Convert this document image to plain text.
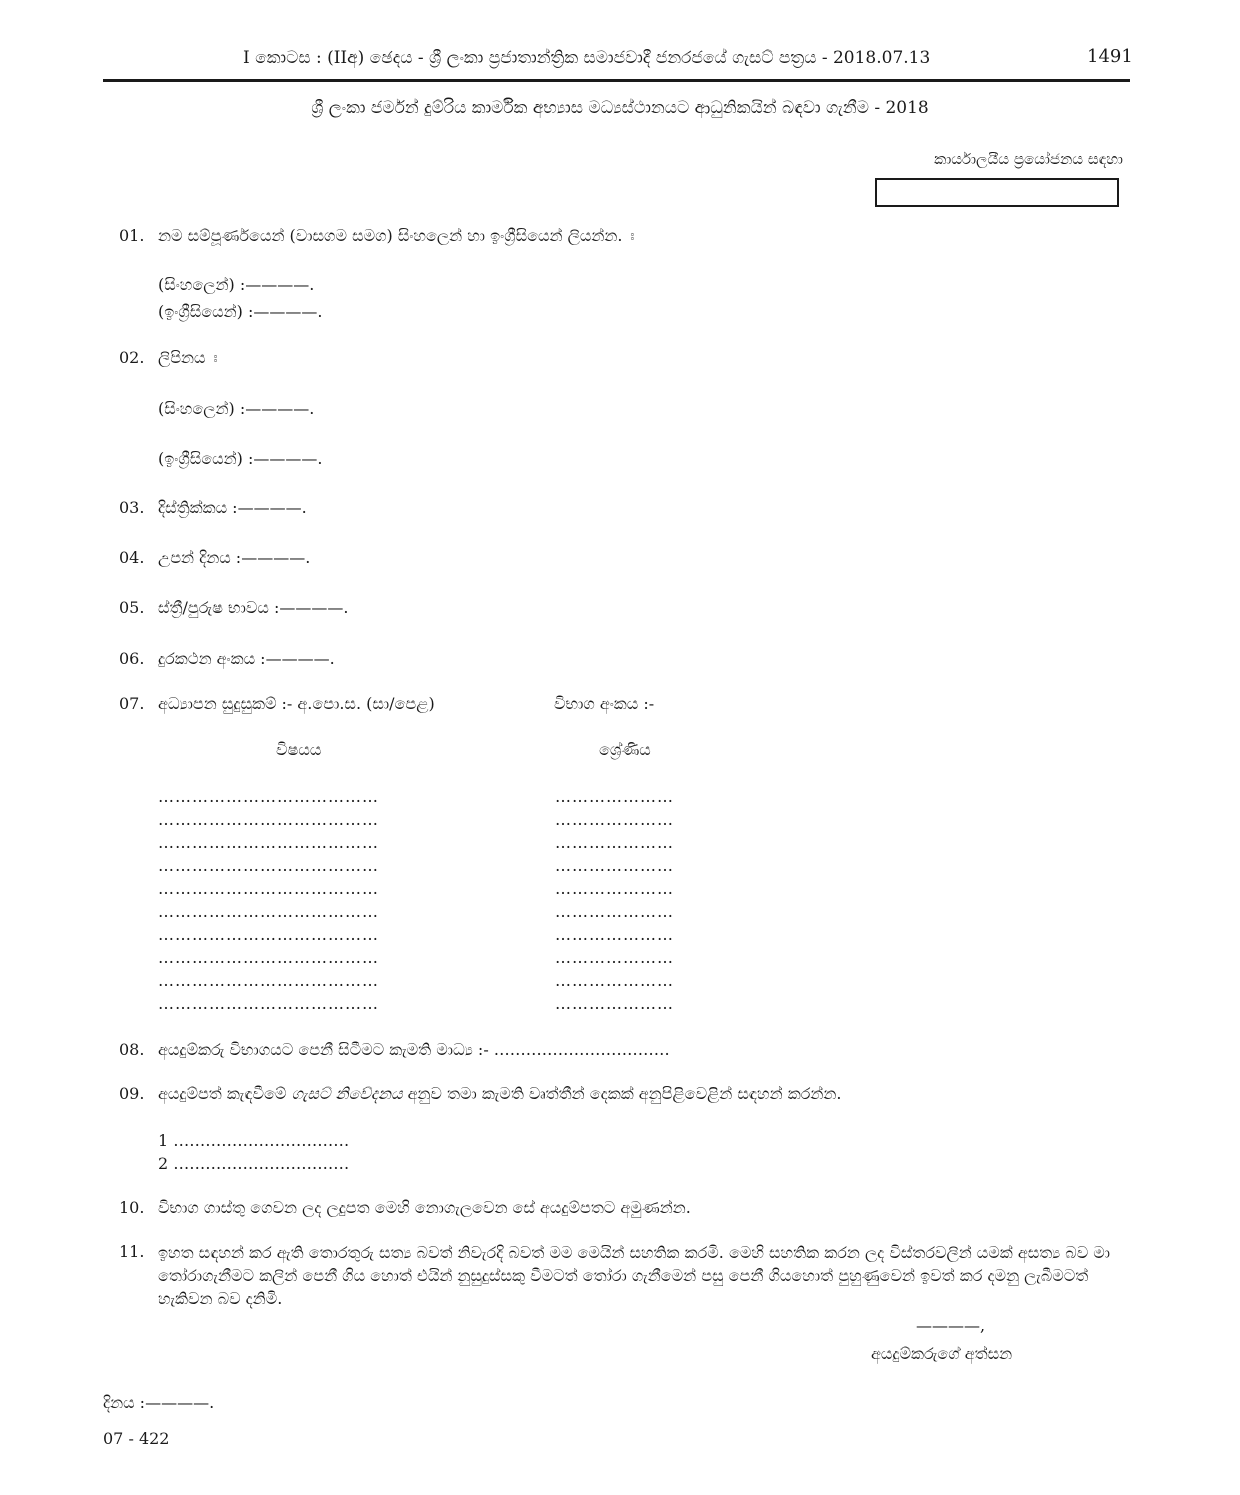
I කොටස : (IIඅ) ඡෙදය - ශ්‍රී ලංකා ප්‍රජාතාන්ත්‍රික සමාජවාදී ජනරජයේ ගැසට් පත්‍රය - 2018.07.13	1491
ශ්‍රී ලංකා ජර්මන් දුම්රිය කාර්මික අභ්‍යාස මධ්‍යස්ථානයට ආධුනිකයින් බඳවා ගැනීම - 2018
කාර්යාලයීය ප්‍රයෝජනය සඳහා
01. නම සම්පූර්ණයෙන් (වාසගම සමග) සිංහලෙන් හා ඉංග්‍රීසියෙන් ලියන්න. ‍ඃ
(සිංහලෙන්) :————.
(ඉංග්‍රීසියෙන්) :————.
02. ලිපිනය ඃ
(සිංහලෙන්) :————.
(ඉංග්‍රීසියෙන්) :————.
03. දිස්ත්‍රික්කය :————.
04. උපන් දිනය :————.
05. ස්ත්‍රී/පුරුෂ භාවය :————.
06. දුරකථන අංකය :————.
07. අධ්‍යාපන සුදුසුකම් :- අ.පො.ස. (සා/පෙළ)	විභාග අංකය :-
විෂයය	ශ්‍රේණිය
…………………………………	…………………
…………………………………	…………………
…………………………………	…………………
…………………………………	…………………
…………………………………	…………………
…………………………………	…………………
…………………………………	…………………
…………………………………	…………………
…………………………………	…………………
…………………………………	…………………
08. අයදුම්කරු විභාගයට පෙනී සිටීමට කැමති මාධ්‍ය :- ……………………………
09. අයදුම්පත් කැඳවීමේ ගැසට් නිවේදනය අනුව තමා කැමති වෘත්තීන් දෙකක් අනුපිළිවෙළින් සඳහන් කරන්න.
1 ……………………………
2 ……………………………
10. විභාග ගාස්තු ගෙවන ලද ලදුපත මෙහි නොගැලවෙන සේ අයදුම්පතට අමුණන්න.
11. ඉහත සඳහන් කර ඇති තොරතුරු සත්‍ය බවත් නිවැරදි බවත් මම මෙයින් සහතික කරමි. මෙහි සහතික කරන ලද විස්තරවලින් යමක් අසත්‍ය බව මා තෝරාගැනීමට කලින් පෙනී ගිය හොත් එයින් නුසුදුස්සකු වීමටත් තෝරා ගැනීමෙන් පසු පෙනී ගියහොත් පුහුණුවෙන් ඉවත් කර දමනු ලැබීමටත් හැකිවන බව දනිමි.
————,
අයදුම්කරුගේ අත්සන
දිනය :————.
07 - 422
